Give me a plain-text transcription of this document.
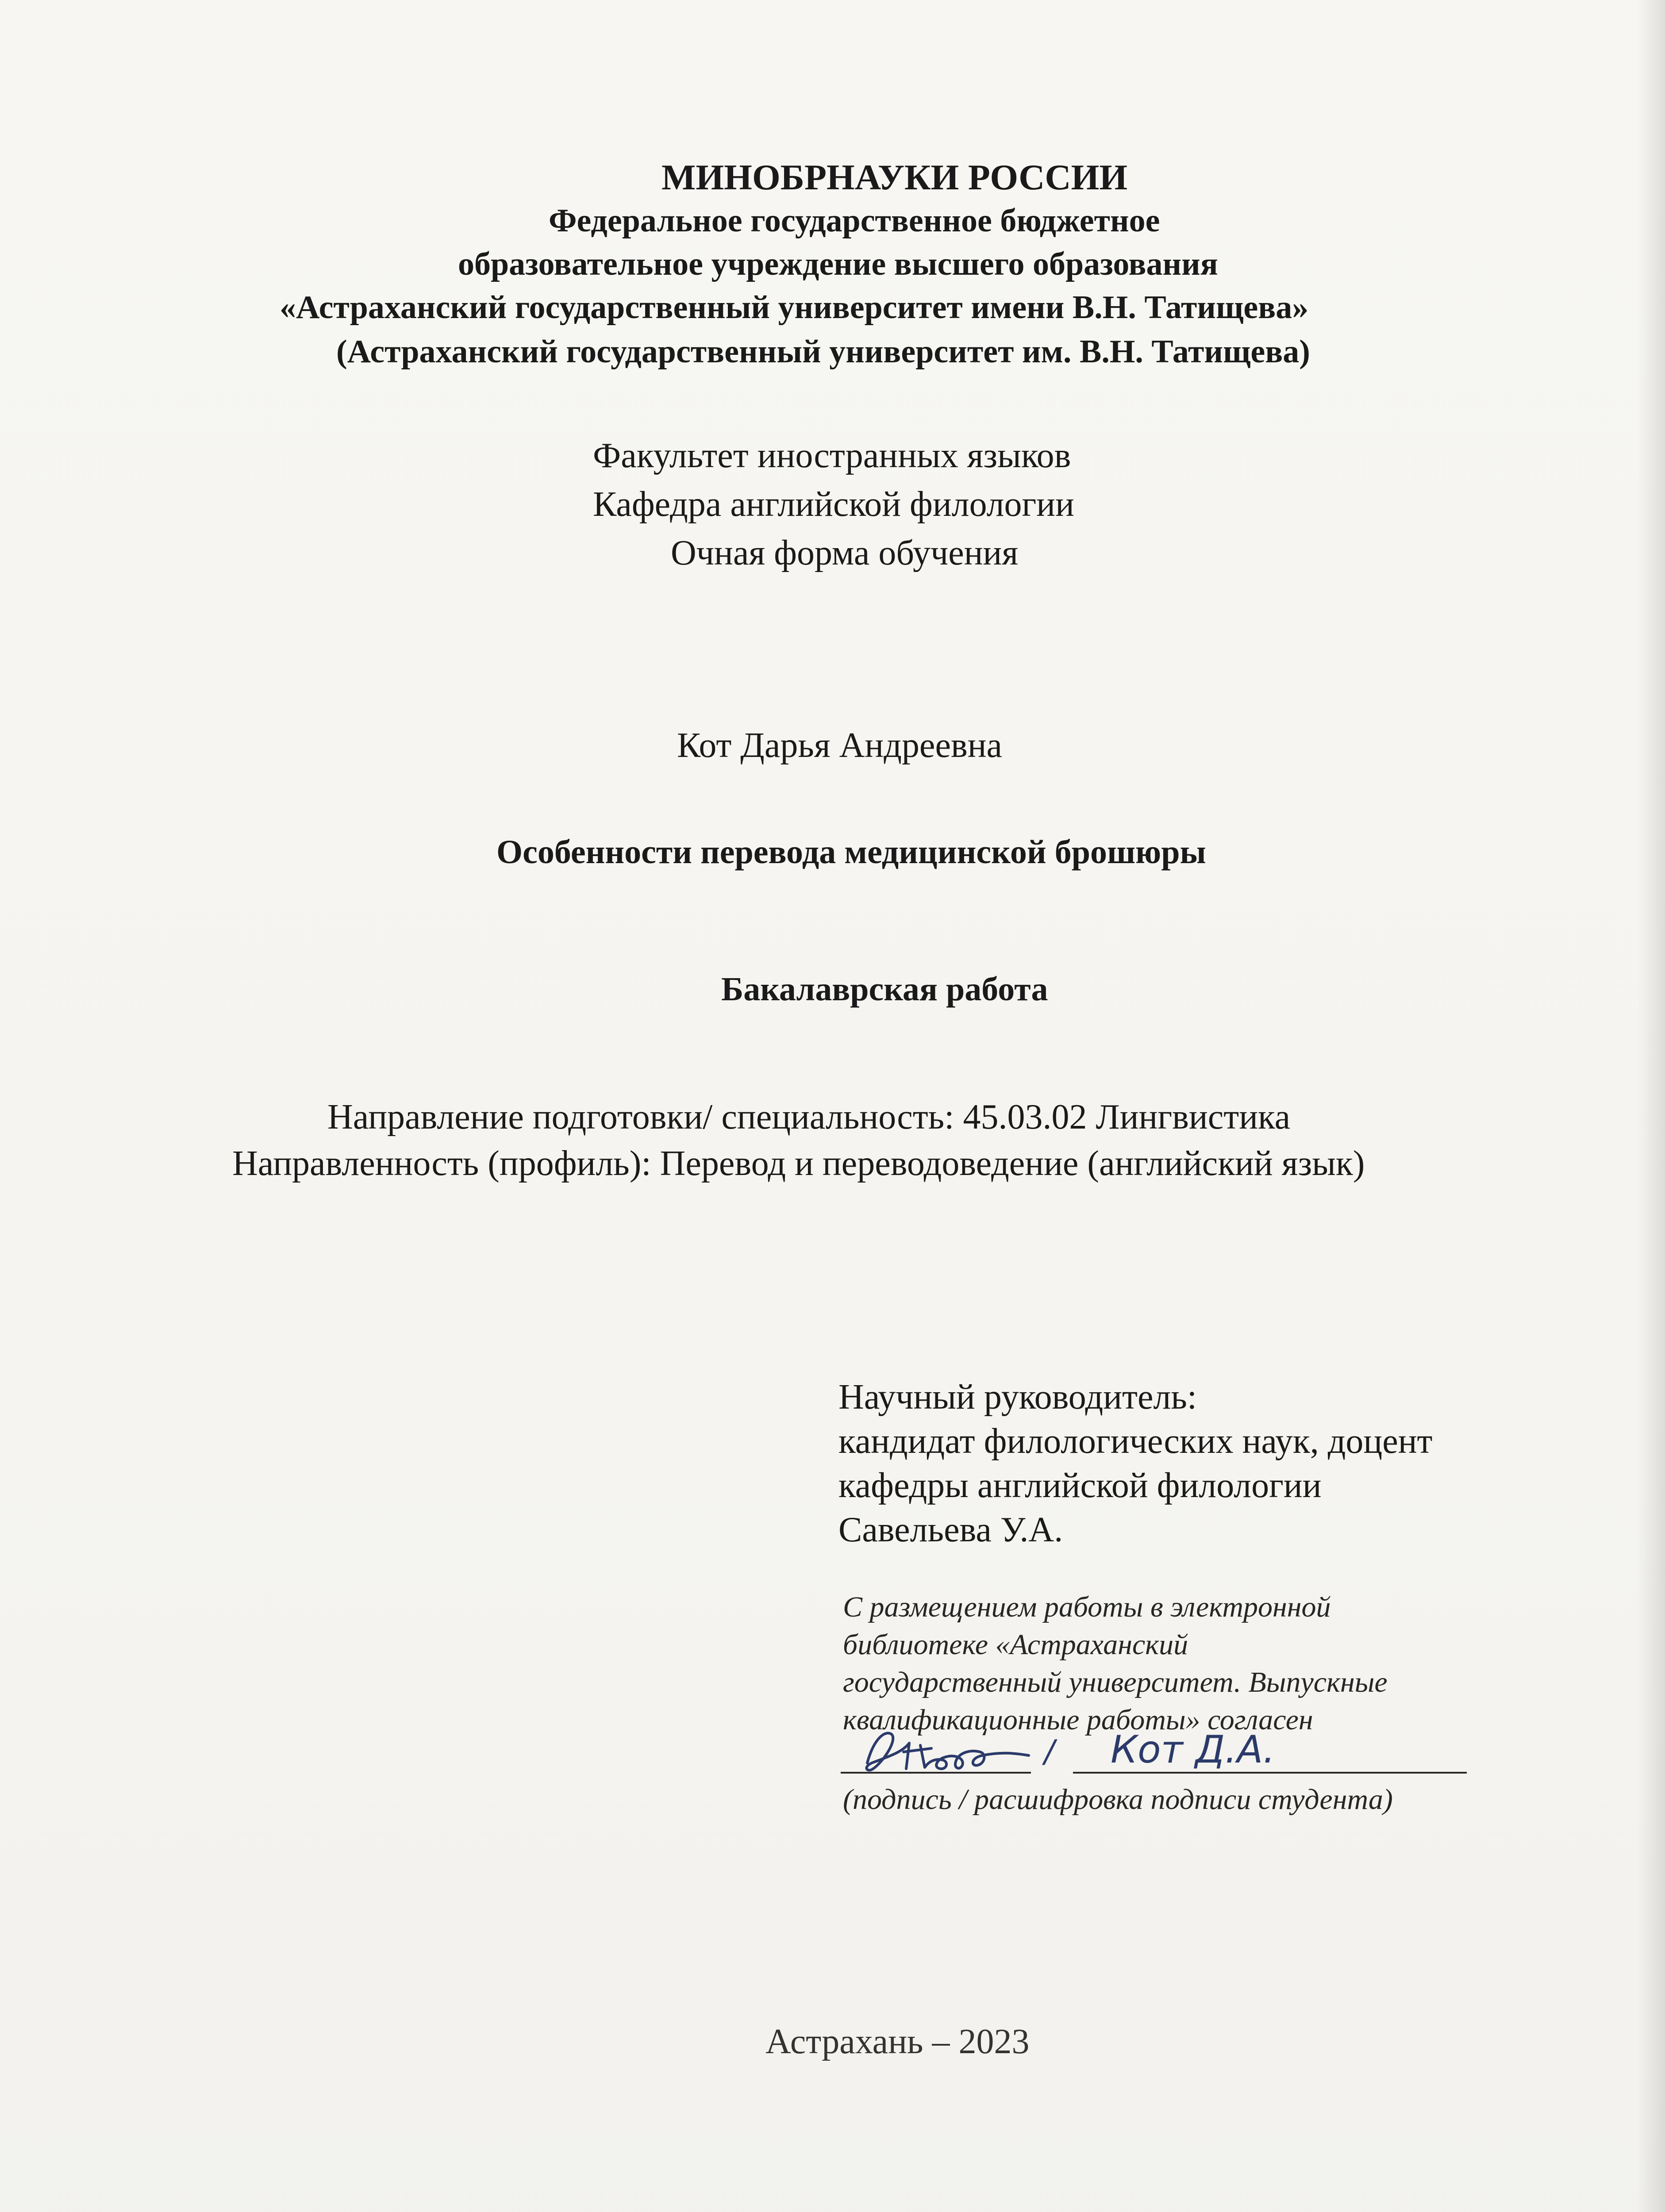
МИНОБРНАУКИ РОССИИ
Федеральное государственное бюджетное
образовательное учреждение высшего образования
«Астраханский государственный университет имени В.Н. Татищева»
(Астраханский государственный университет им. В.Н. Татищева)
Факультет иностранных языков
Кафедра английской филологии
Очная форма обучения
Кот Дарья Андреевна
Особенности перевода медицинской брошюры
Бакалаврская работа
Направление подготовки/ специальность: 45.03.02 Лингвистика
Направленность (профиль): Перевод и переводоведение (английский язык)
Научный руководитель:
кандидат филологических наук, доцент
кафедры английской филологии
Савельева У.А.
С размещением работы в электронной
библиотеке «Астраханский
государственный университет. Выпускные
квалификационные работы» согласен
/ Кот Д.А.
(подпись / расшифровка подписи студента)
Астрахань – 2023
